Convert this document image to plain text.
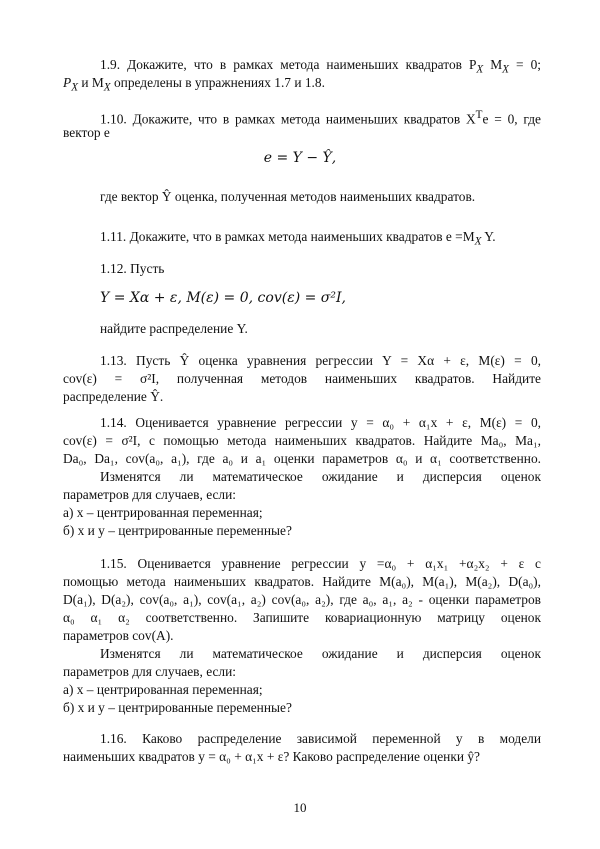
1.9. Докажите, что в рамках метода наименьших квадратов $P_X$ $M_X = 0$;
$P_X$ и $M_X$ определены в упражнениях 1.7 и 1.8.
1.10. Докажите, что в рамках метода наименьших квадратов $X^Te = 0$, где
вектор e
e = Y − Ŷ,
где вектор Ŷ оценка, полученная методов наименьших квадратов.
1.11. Докажите, что в рамках метода наименьших квадратов $e =M_X$ Y.
1.12. Пусть
Y = Xα + ε, M(ε) = 0, cov(ε) = σ²I,
найдите распределение Y.
1.13. Пусть Ŷ оценка уравнения регрессии Y = Xα + ε, M(ε) = 0,
cov(ε) = σ²I, полученная методов наименьших квадратов. Найдите
распределение Ŷ.
1.14. Оценивается уравнение регрессии y = α₀ + α₁x + ε, M(ε) = 0,
cov(ε) = σ²I, с помощью метода наименьших квадратов. Найдите Ma₀, Ma₁,
Da₀, Da₁, cov(a₀, a₁), где a₀ и a₁ оценки параметров α₀ и α₁ соответственно.
Изменятся ли математическое ожидание и дисперсия оценок
параметров для случаев, если:
а) x – центрированная переменная;
б) x и y – центрированные переменные?
1.15. Оценивается уравнение регрессии y =α₀ + α₁x₁ +α₂x₂ + ε с
помощью метода наименьших квадратов. Найдите M(a₀), M(a₁), M(a₂), D(a₀),
D(a₁), D(a₂), cov(a₀, a₁), cov(a₁, a₂) cov(a₀, a₂), где a₀, a₁, a₂ - оценки параметров
α₀ α₁ α₂ соответственно. Запишите ковариационную матрицу оценок
параметров cov(A).
Изменятся ли математическое ожидание и дисперсия оценок
параметров для случаев, если:
а) x – центрированная переменная;
б) x и y – центрированные переменные?
1.16. Каково распределение зависимой переменной y в модели
наименьших квадратов y = α₀ + α₁x + ε? Каково распределение оценки ŷ?
10
